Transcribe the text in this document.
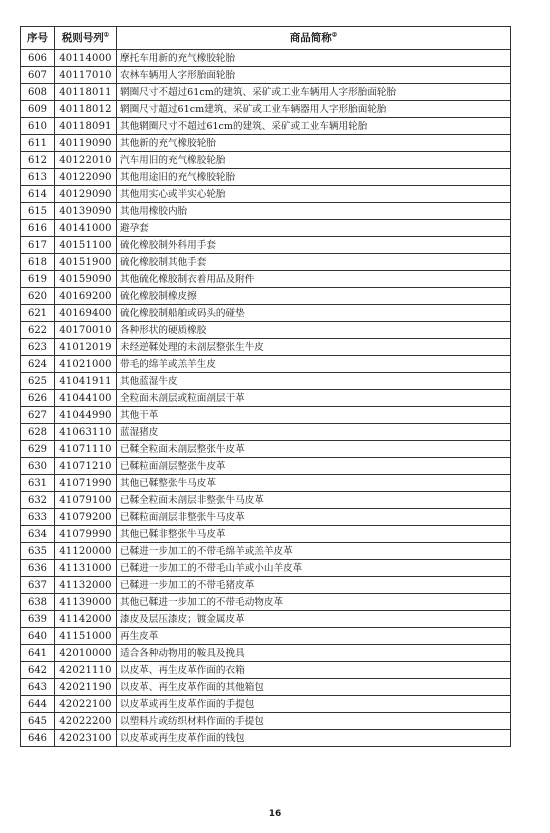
序号	税则号列①	商品简称②
606	40114000	摩托车用新的充气橡胶轮胎
607	40117010	农林车辆用人字形胎面轮胎
608	40118011	辋圈尺寸不超过61cm的建筑、采矿或工业车辆用人字形胎面轮胎
609	40118012	辋圈尺寸超过61cm建筑、采矿或工业车辆器用人字形胎面轮胎
610	40118091	其他辋圈尺寸不超过61cm的建筑、采矿或工业车辆用轮胎
611	40119090	其他新的充气橡胶轮胎
612	40122010	汽车用旧的充气橡胶轮胎
613	40122090	其他用途旧的充气橡胶轮胎
614	40129090	其他用实心或半实心轮胎
615	40139090	其他用橡胶内胎
616	40141000	避孕套
617	40151100	硫化橡胶制外科用手套
618	40151900	硫化橡胶制其他手套
619	40159090	其他硫化橡胶制衣着用品及附件
620	40169200	硫化橡胶制橡皮擦
621	40169400	硫化橡胶制船舶或码头的碰垫
622	40170010	各种形状的硬质橡胶
623	41012019	未经逆鞣处理的未剖层整张生牛皮
624	41021000	带毛的绵羊或羔羊生皮
625	41041911	其他蓝湿牛皮
626	41044100	全粒面未剖层或粒面剖层干革
627	41044990	其他干革
628	41063110	蓝湿猪皮
629	41071110	已鞣全粒面未剖层整张牛皮革
630	41071210	已鞣粒面剖层整张牛皮革
631	41071990	其他已鞣整张牛马皮革
632	41079100	已鞣全粒面未剖层非整张牛马皮革
633	41079200	已鞣粒面剖层非整张牛马皮革
634	41079990	其他已鞣非整张牛马皮革
635	41120000	已鞣进一步加工的不带毛绵羊或羔羊皮革
636	41131000	已鞣进一步加工的不带毛山羊或小山羊皮革
637	41132000	已鞣进一步加工的不带毛猪皮革
638	41139000	其他已鞣进一步加工的不带毛动物皮革
639	41142000	漆皮及层压漆皮；镀金属皮革
640	41151000	再生皮革
641	42010000	适合各种动物用的鞍具及挽具
642	42021110	以皮革、再生皮革作面的衣箱
643	42021190	以皮革、再生皮革作面的其他箱包
644	42022100	以皮革或再生皮革作面的手提包
645	42022200	以塑料片或纺织材料作面的手提包
646	42023100	以皮革或再生皮革作面的钱包
16
